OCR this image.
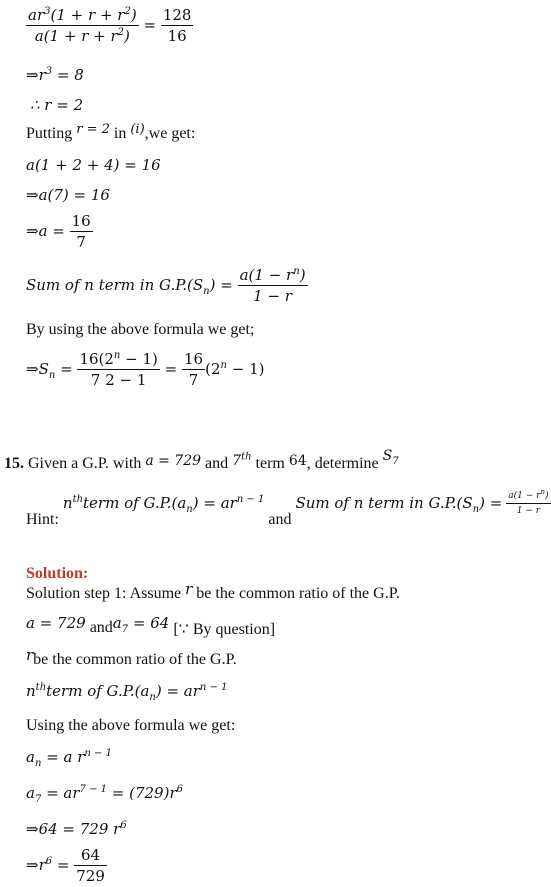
$\frac{ar^3(1 + r + r^2)}{a(1 + r + r^2)} = \frac{128}{16}$
$\Rightarrow r^3 = 8$
∴ r = 2
Putting $^{r = 2}$ in $^{(i)}$,we get:
a(1 + 2 + 4) = 16
⇒a(7) = 16
⇒a = $\frac{16}{7}$
Sum of n term in $G.P.(S_n) = \frac{a(1 - r^n)}{1 - r}$
By using the above formula we get;
$\Rightarrow S_n = \frac{16(2^n - 1)}{7 2 - 1} = \frac{16}{7} (2^n - 1)$
15. Given a G.P. with a = 729 and 7th term 64, determine $S_7$
Hint: $n^{th}term$ of $G.P.(a_n) = ar^{n - 1}$ and Sum of n term in $G.P.(S_n) = \frac{a(1 - r^n)}{1 - r}$
Solution:
Solution step 1: Assume r be the common ratio of the G.P.
a = 729 anda$_7$ = 64 [∵ By question]
rbe the common ratio of the G.P.
$n^{th}term$ of $G.P.(a_n) = ar^{n - 1}$
Using the above formula we get:
$a_n = a$ $r^{n - 1}$
$a_7 = ar^{7 - 1} = (729)r^6$
⇒64 = 729 $r^6$
$\Rightarrow r^6 = \frac{64}{729}$
